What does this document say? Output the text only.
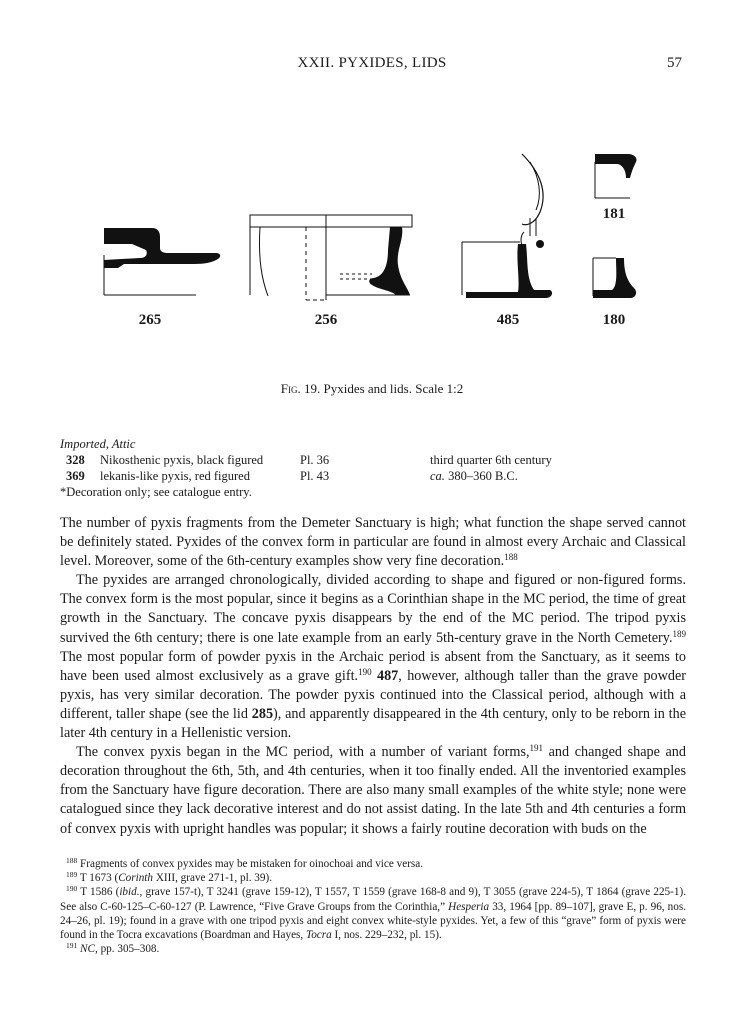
XXII. PYXIDES, LIDS	57
265	256	485
181
180
Fig. 19. Pyxides and lids. Scale 1:2
Imported, Attic
328 Nikosthenic pyxis, black figured	Pl. 36	third quarter 6th century
369 lekanis-like pyxis, red figured	Pl. 43	ca. 380–360 B.C.
*Decoration only; see catalogue entry.

The number of pyxis fragments from the Demeter Sanctuary is high; what function the shape served cannot be definitely stated. Pyxides of the convex form in particular are found in almost every Archaic and Classical level. Moreover, some of the 6th-century examples show very fine decoration.$^{188}$

The pyxides are arranged chronologically, divided according to shape and figured or non-figured forms. The convex form is the most popular, since it begins as a Corinthian shape in the MC period, the time of great growth in the Sanctuary. The concave pyxis disappears by the end of the MC period. The tripod pyxis survived the 6th century; there is one late example from an early 5th-century grave in the North Cemetery.$^{189}$ The most popular form of powder pyxis in the Archaic period is absent from the Sanctuary, as it seems to have been used almost exclusively as a grave gift.$^{190}$ 487, however, although taller than the grave powder pyxis, has very similar decoration. The powder pyxis continued into the Classical period, although with a different, taller shape (see the lid 285), and apparently disappeared in the 4th century, only to be reborn in the later 4th century in a Hellenistic version.

The convex pyxis began in the MC period, with a number of variant forms,$^{191}$ and changed shape and decoration throughout the 6th, 5th, and 4th centuries, when it too finally ended. All the inventoried examples from the Sanctuary have figure decoration. There are also many small examples of the white style; none were catalogued since they lack decorative interest and do not assist dating. In the late 5th and 4th centuries a form of convex pyxis with upright handles was popular; it shows a fairly routine decoration with buds on the

$^{188}$ Fragments of convex pyxides may be mistaken for oinochoai and vice versa.

$^{189}$ T 1673 (Corinth XIII, grave 271-1, pl. 39).

$^{190}$ T 1586 (ibid., grave 157-t), T 3241 (grave 159-12), T 1557, T 1559 (grave 168-8 and 9), T 3055 (grave 224-5), T 1864 (grave 225-1). See also C-60-125–C-60-127 (P. Lawrence, “Five Grave Groups from the Corinthia,” Hesperia 33, 1964 [pp. 89–107], grave E, p. 96, nos. 24–26, pl. 19); found in a grave with one tripod pyxis and eight convex white-style pyxides. Yet, a few of this “grave” form of pyxis were found in the Tocra excavations (Boardman and Hayes, Tocra I, nos. 229–232, pl. 15).

$^{191}$ NC, pp. 305–308.
